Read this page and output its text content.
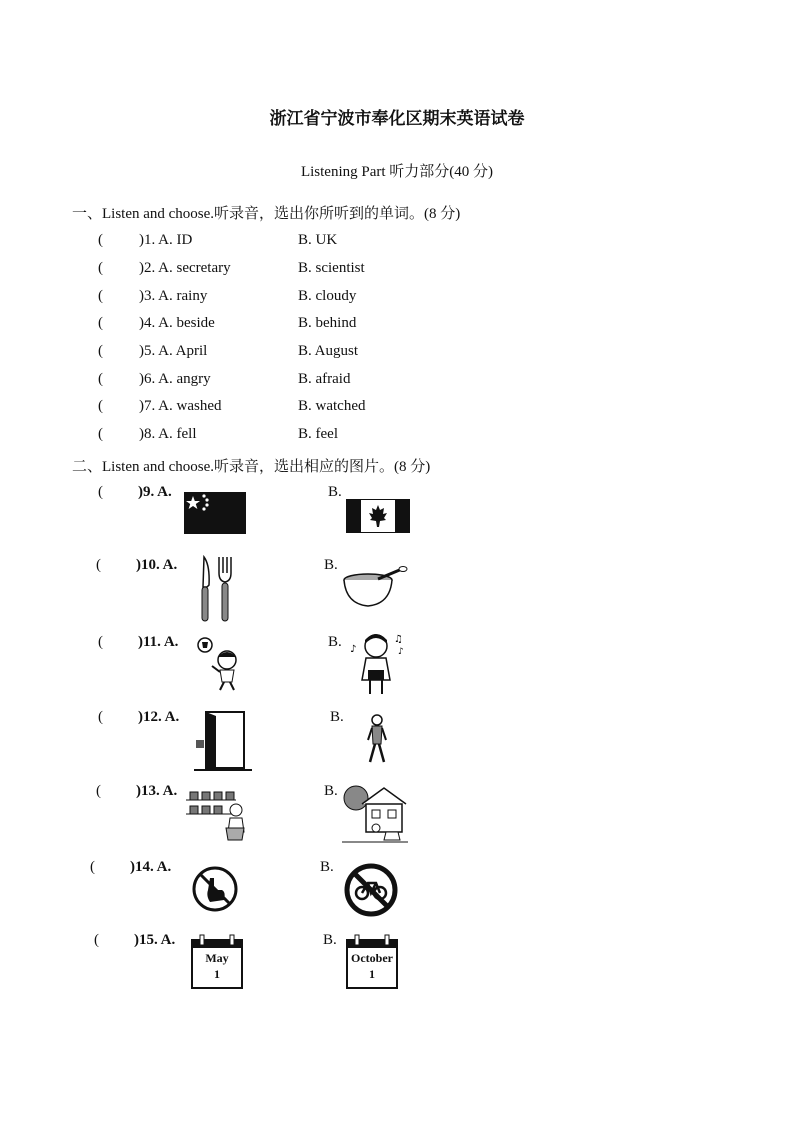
浙江省宁波市奉化区期末英语试卷
Listening Part 听力部分(40 分)
一、Listen and choose.听录音，选出你所听到的单词。(8 分)
( )1. A. ID	B. UK
( )2. A. secretary	B. scientist
( )3. A. rainy	B. cloudy
( )4. A. beside	B. behind
( )5. A. April	B. August
( )6. A. angry	B. afraid
( )7. A. washed	B. watched
( )8. A. fell	B. feel
二、Listen and choose.听录音，选出相应的图片。(8 分)
( )9. A.	B.
( )10. A.	B.
( )11. A.	B. ♪
♫
♪
( )12. A.	B.
( )13. A.	B.
( )14. A.	B.
( )15. A.	B.
May
1
October
1
